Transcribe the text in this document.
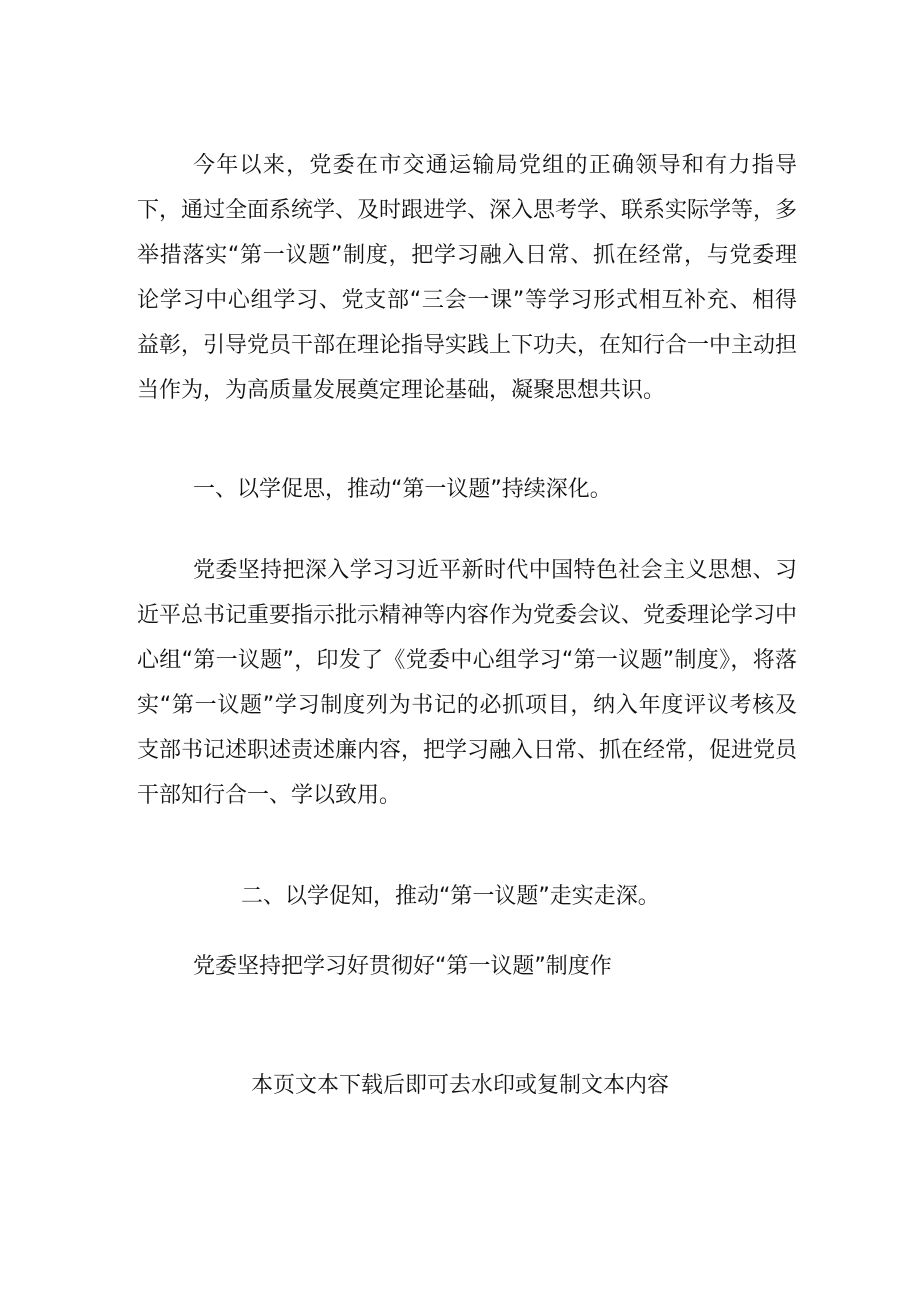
今年以来，党委在市交通运输局党组的正确领导和有力指导下，通过全面系统学、及时跟进学、深入思考学、联系实际学等，多举措落实“第一议题”制度，把学习融入日常、抓在经常，与党委理论学习中心组学习、党支部“三会一课”等学习形式相互补充、相得益彰，引导党员干部在理论指导实践上下功夫，在知行合一中主动担当作为，为高质量发展奠定理论基础，凝聚思想共识。

一、以学促思，推动“第一议题”持续深化。

党委坚持把深入学习习近平新时代中国特色社会主义思想、习近平总书记重要指示批示精神等内容作为党委会议、党委理论学习中心组“第一议题”，印发了《党委中心组学习“第一议题”制度》，将落实“第一议题”学习制度列为书记的必抓项目，纳入年度评议考核及支部书记述职述责述廉内容，把学习融入日常、抓在经常，促进党员干部知行合一、学以致用。

二、以学促知，推动“第一议题”走实走深。

党委坚持把学习好贯彻好“第一议题”制度作

本页文本下载后即可去水印或复制文本内容
